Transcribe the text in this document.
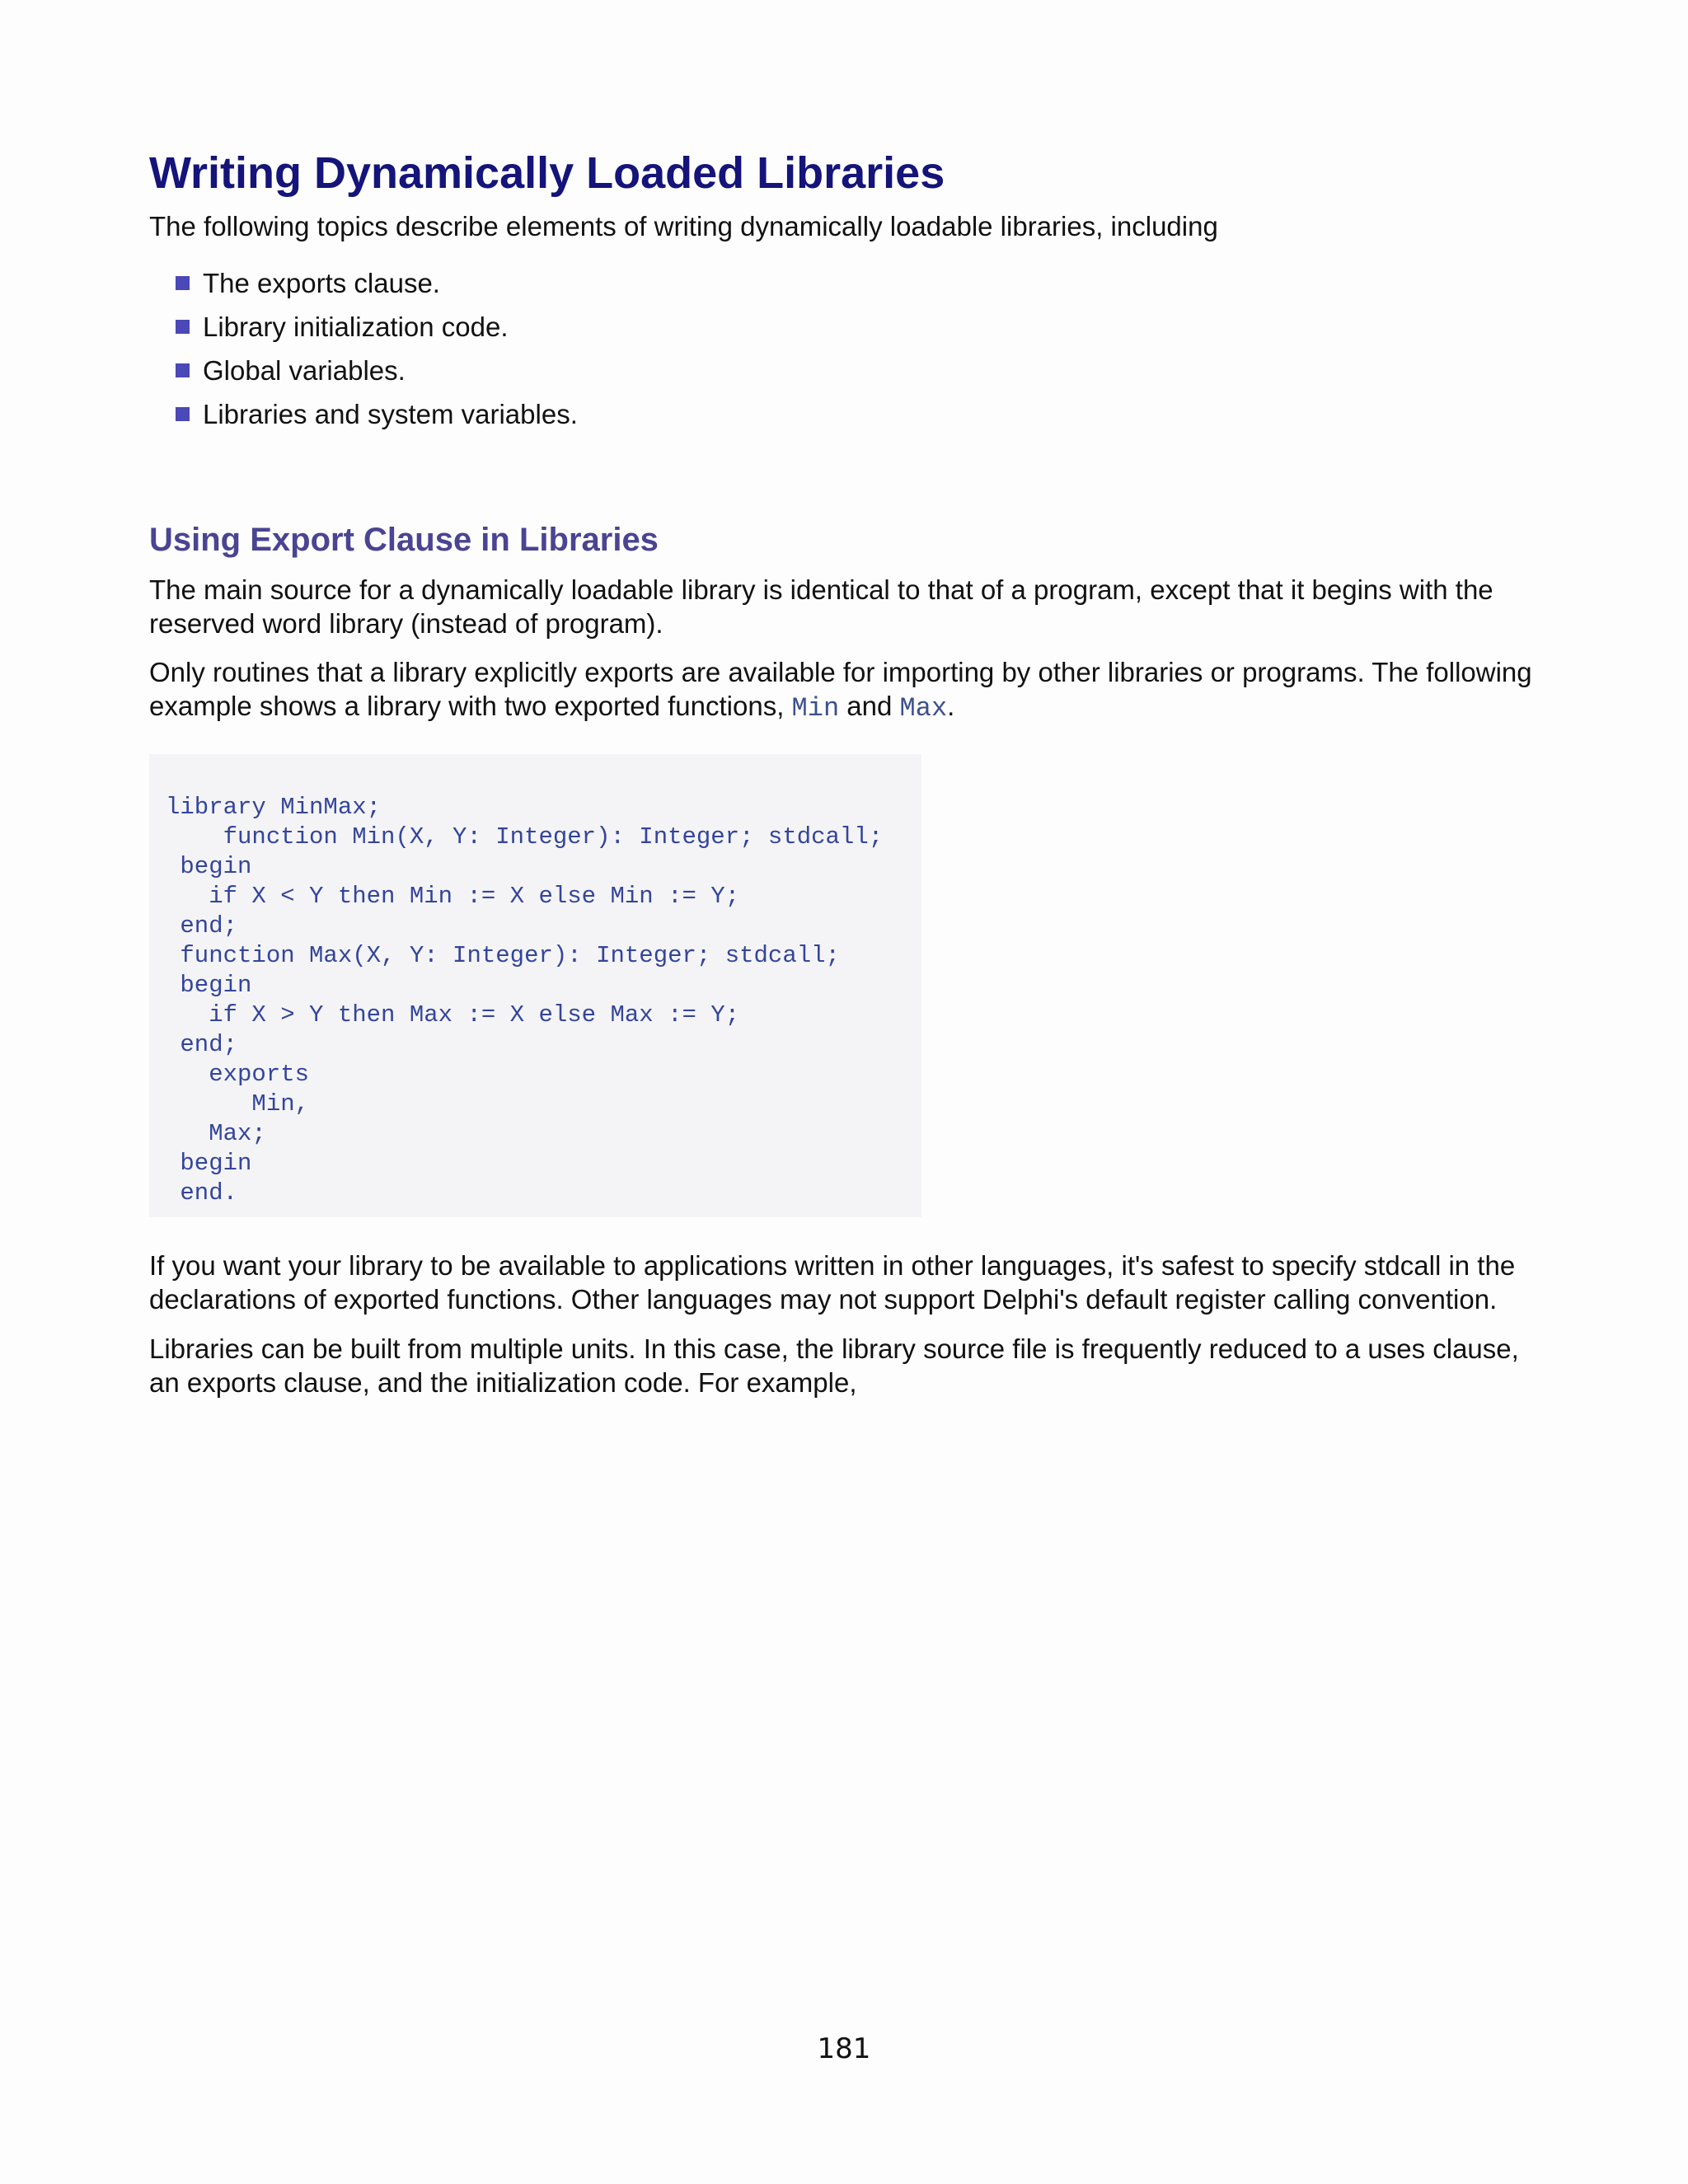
Writing Dynamically Loaded Libraries

The following topics describe elements of writing dynamically loadable libraries, including

The exports clause.
Library initialization code.
Global variables.
Libraries and system variables.
Using Export Clause in Libraries

The main source for a dynamically loadable library is identical to that of a program, except that it begins with the reserved word library (instead of program).

Only routines that a library explicitly exports are available for importing by other libraries or programs. The following example shows a library with two exported functions, Min and Max.

library MinMax;
function Min(X, Y: Integer): Integer; stdcall;
begin
if X < Y then Min := X else Min := Y;
end;
function Max(X, Y: Integer): Integer; stdcall;
begin
if X > Y then Max := X else Max := Y;
end;
exports
Min,
Max;
begin
end.

If you want your library to be available to applications written in other languages, it's safest to specify stdcall in the declarations of exported functions. Other languages may not support Delphi's default register calling convention.

Libraries can be built from multiple units. In this case, the library source file is frequently reduced to a uses clause, an exports clause, and the initialization code. For example,

181
